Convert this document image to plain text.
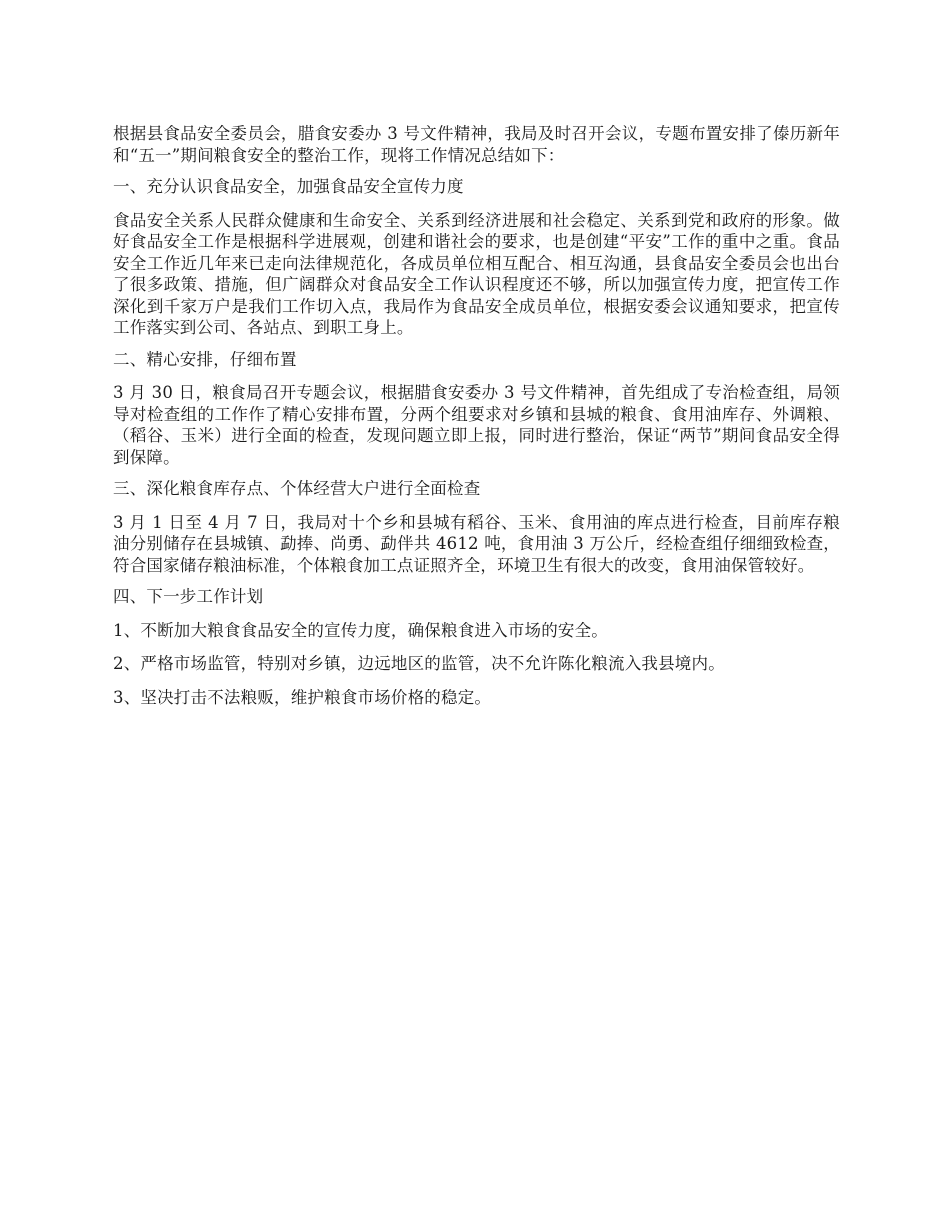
根据县食品安全委员会，腊食安委办 3 号文件精神，我局及时召开会议，专题布置安排了傣历新年和“五一”期间粮食安全的整治工作，现将工作情况总结如下：

一、充分认识食品安全，加强食品安全宣传力度

食品安全关系人民群众健康和生命安全、关系到经济进展和社会稳定、关系到党和政府的形象。做好食品安全工作是根据科学进展观，创建和谐社会的要求，也是创建“平安”工作的重中之重。食品安全工作近几年来已走向法律规范化，各成员单位相互配合、相互沟通，县食品安全委员会也出台了很多政策、措施，但广阔群众对食品安全工作认识程度还不够，所以加强宣传力度，把宣传工作深化到千家万户是我们工作切入点，我局作为食品安全成员单位，根据安委会议通知要求，把宣传工作落实到公司、各站点、到职工身上。

二、精心安排，仔细布置

3 月 30 日，粮食局召开专题会议，根据腊食安委办 3 号文件精神，首先组成了专治检查组，局领导对检查组的工作作了精心安排布置，分两个组要求对乡镇和县城的粮食、食用油库存、外调粮、（稻谷、玉米）进行全面的检查，发现问题立即上报，同时进行整治，保证“两节”期间食品安全得到保障。

三、深化粮食库存点、个体经营大户进行全面检查

3 月 1 日至 4 月 7 日，我局对十个乡和县城有稻谷、玉米、食用油的库点进行检查，目前库存粮油分别储存在县城镇、勐捧、尚勇、勐伴共 4612 吨，食用油 3 万公斤，经检查组仔细细致检查，符合国家储存粮油标准，个体粮食加工点证照齐全，环境卫生有很大的改变，食用油保管较好。

四、下一步工作计划

1、不断加大粮食食品安全的宣传力度，确保粮食进入市场的安全。

2、严格市场监管，特别对乡镇，边远地区的监管，决不允许陈化粮流入我县境内。

3、坚决打击不法粮贩，维护粮食市场价格的稳定。
